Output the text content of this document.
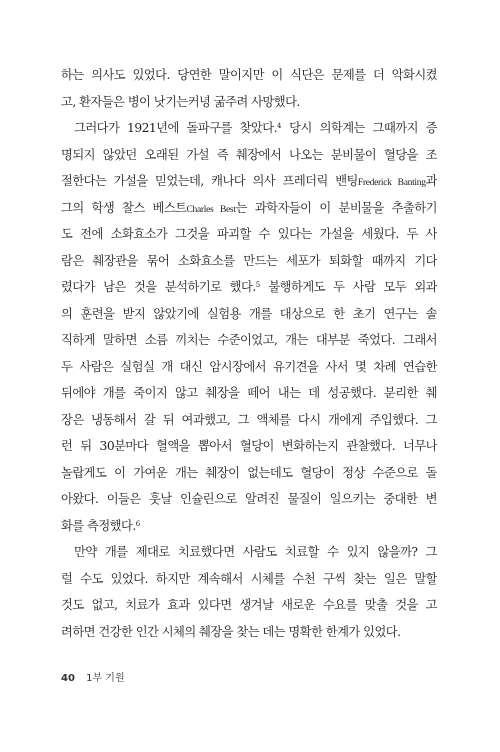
하는 의사도 있었다. 당연한 말이지만 이 식단은 문제를 더 악화시켰
고, 환자들은 병이 낫기는커녕 굶주려 사망했다.
그러다가 1921년에 돌파구를 찾았다.$^4$ 당시 의학계는 그때까지 증
명되지 않았던 오래된 가설 즉 췌장에서 나오는 분비물이 혈당을 조
절한다는 가설을 믿었는데, 캐나다 의사 프레더릭 밴팅Frederick Banting과
그의 학생 찰스 베스트Charles Best는 과학자들이 이 분비물을 추출하기
도 전에 소화효소가 그것을 파괴할 수 있다는 가설을 세웠다. 두 사
람은 췌장관을 묶어 소화효소를 만드는 세포가 퇴화할 때까지 기다
렸다가 남은 것을 분석하기로 했다.$^5$ 불행하게도 두 사람 모두 외과
의 훈련을 받지 않았기에 실험용 개를 대상으로 한 초기 연구는 솔
직하게 말하면 소름 끼치는 수준이었고, 개는 대부분 죽었다. 그래서
두 사람은 실험실 개 대신 암시장에서 유기견을 사서 몇 차례 연습한
뒤에야 개를 죽이지 않고 췌장을 떼어 내는 데 성공했다. 분리한 췌
장은 냉동해서 갈 뒤 여과했고, 그 액체를 다시 개에게 주입했다. 그
런 뒤 30분마다 혈액을 뽑아서 혈당이 변화하는지 관찰했다. 너무나
놀랍게도 이 가여운 개는 췌장이 없는데도 혈당이 정상 수준으로 돌
아왔다. 이들은 훗날 인슐린으로 알려진 물질이 일으키는 중대한 변
화를 측정했다.$^6$
만약 개를 제대로 치료했다면 사람도 치료할 수 있지 않을까? 그
럴 수도 있었다. 하지만 계속해서 시체를 수천 구씩 찾는 일은 말할
것도 없고, 치료가 효과 있다면 생겨날 새로운 수요를 맞출 것을 고
려하면 건강한 인간 시체의 췌장을 찾는 데는 명확한 한계가 있었다.
40 1부 기원
